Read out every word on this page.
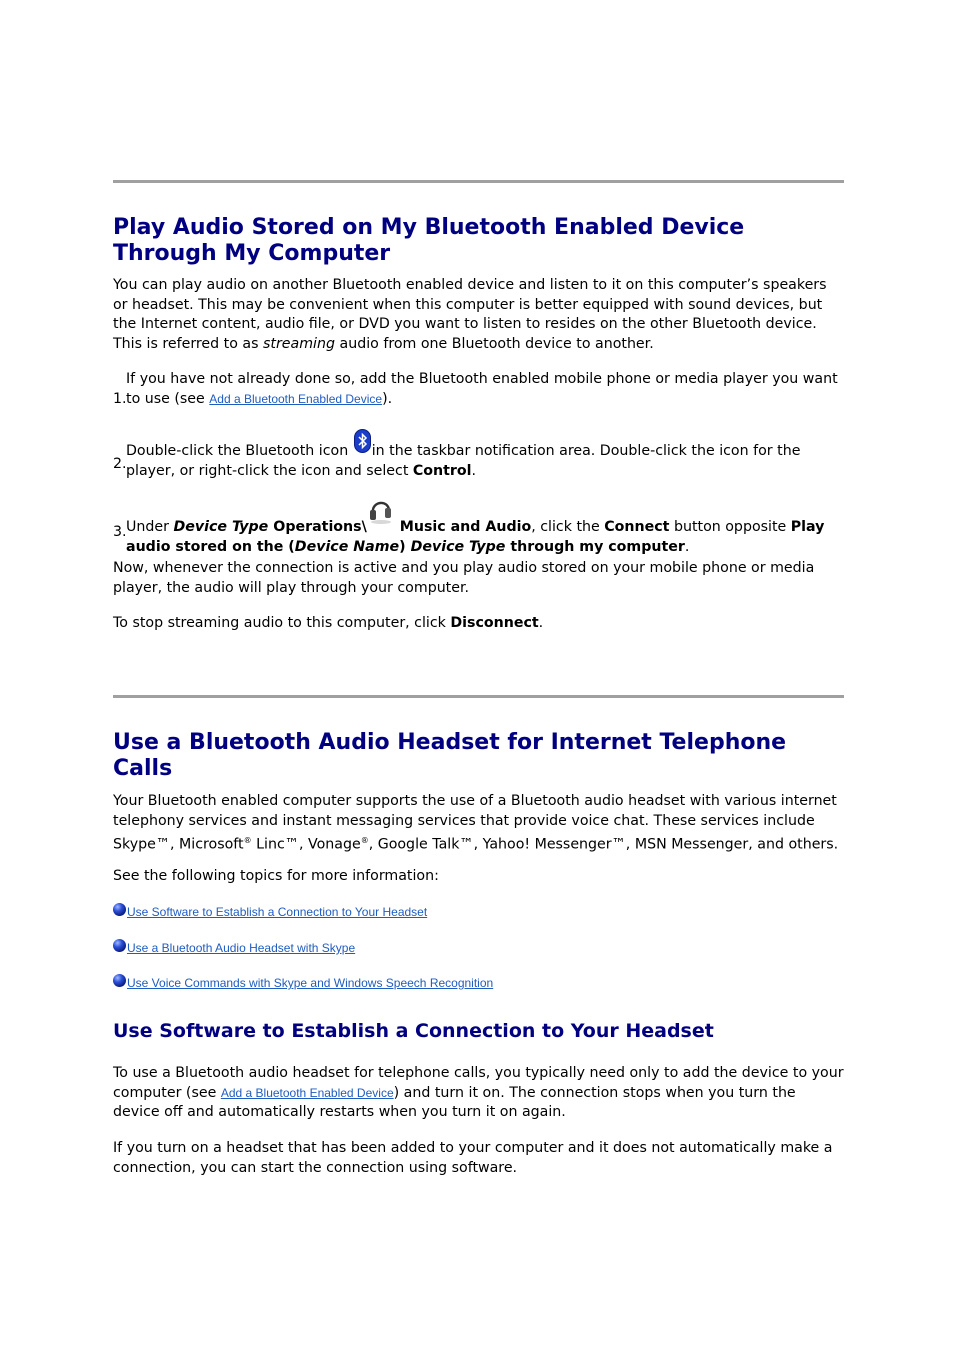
Play Audio Stored on My Bluetooth Enabled Device Through My Computer

You can play audio on another Bluetooth enabled device and listen to it on this computer’s speakers or headset. This may be convenient when this computer is better equipped with sound devices, but the Internet content, audio file, or DVD you want to listen to resides on the other Bluetooth device. This is referred to as streaming audio from one Bluetooth device to another.

1.
If you have not already done so, add the Bluetooth enabled mobile phone or media player you want to use (see Add a Bluetooth Enabled Device).
2.
Double-click the Bluetooth icon in the taskbar notification area. Double-click the icon for the player, or right-click the icon and select Control.
3. Under Device Type Operations\ Music and Audio, click the Connect button opposite Play audio stored on the (Device Name) Device Type through my computer.

Now, whenever the connection is active and you play audio stored on your mobile phone or media player, the audio will play through your computer.

To stop streaming audio to this computer, click Disconnect.

Use a Bluetooth Audio Headset for Internet Telephone Calls

Your Bluetooth enabled computer supports the use of a Bluetooth audio headset with various internet telephony services and instant messaging services that provide voice chat. These services include Skype™, Microsoft® Linc™, Vonage®, Google Talk™, Yahoo! Messenger™, MSN Messenger, and others.

See the following topics for more information:

Use Software to Establish a Connection to Your Headset
Use a Bluetooth Audio Headset with Skype
Use Voice Commands with Skype and Windows Speech Recognition
Use Software to Establish a Connection to Your Headset

To use a Bluetooth audio headset for telephone calls, you typically need only to add the device to your computer (see Add a Bluetooth Enabled Device) and turn it on. The connection stops when you turn the device off and automatically restarts when you turn it on again.

If you turn on a headset that has been added to your computer and it does not automatically make a connection, you can start the connection using software.
